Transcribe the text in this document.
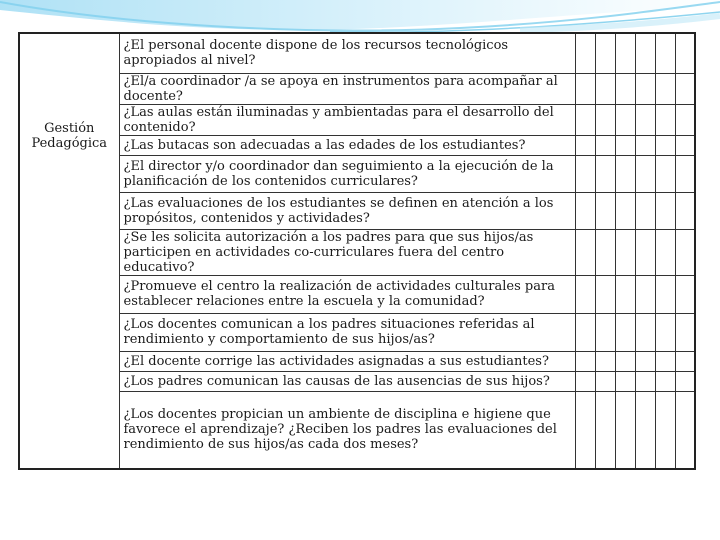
Gestión
Pedagógica	¿El personal docente dispone de los recursos tecnológicos apropiados al nivel?						
	¿El/a coordinador /a se apoya en instrumentos para acompañar al docente?						
	¿Las aulas están iluminadas y ambientadas para el desarrollo del contenido?						
	¿Las butacas son adecuadas a las edades de los estudiantes?						
	¿El director y/o coordinador dan seguimiento a la ejecución de la planificación de los contenidos curriculares?						
	¿Las evaluaciones de los estudiantes se definen en atención a los propósitos, contenidos y actividades?						
	¿Se les solicita autorización a los padres para que sus hijos/as participen en actividades co-curriculares fuera del centro educativo?						
	¿Promueve el centro la realización de actividades culturales para establecer relaciones entre la escuela y la comunidad?						
	¿Los docentes comunican a los padres situaciones referidas al rendimiento y comportamiento de sus hijos/as?						
	¿El docente corrige las actividades asignadas a sus estudiantes?						
	¿Los padres comunican las causas de las ausencias de sus hijos?						
	¿Los docentes propician un ambiente de disciplina e higiene que favorece el aprendizaje? ¿Reciben los padres las evaluaciones del rendimiento de sus hijos/as cada dos meses?						
